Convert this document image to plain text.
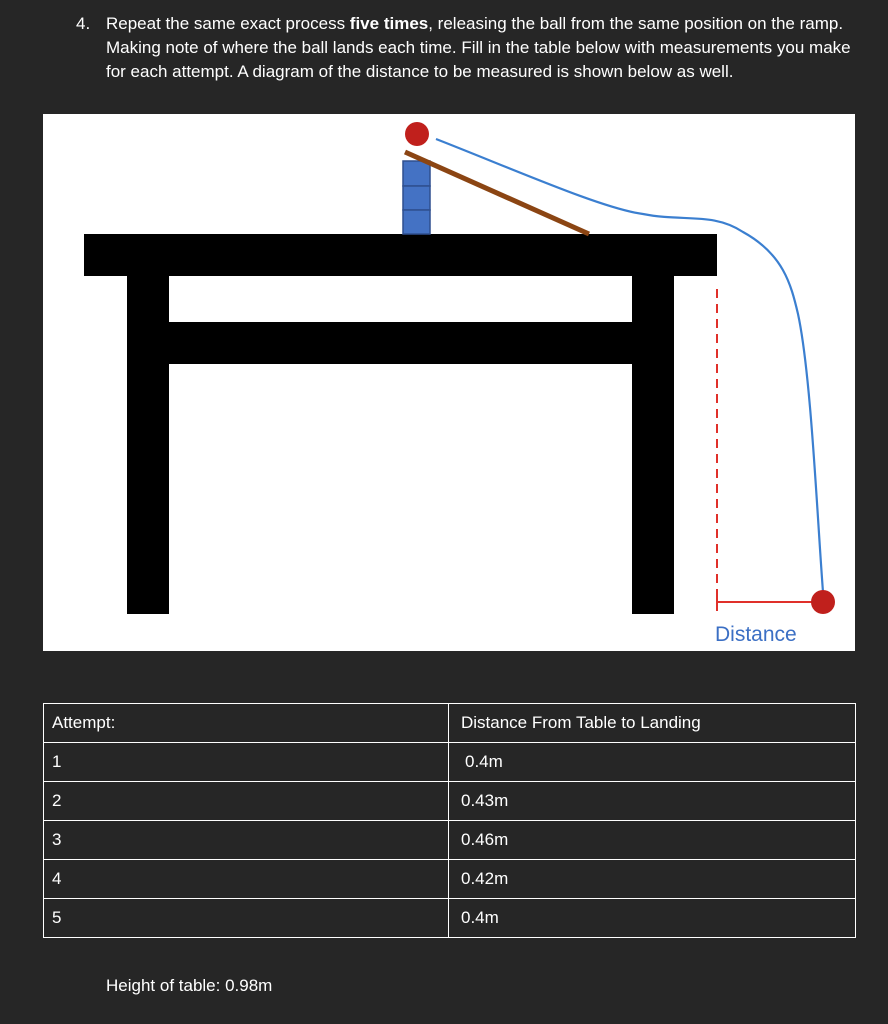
4. Repeat the same exact process five times, releasing the ball from the same position on the ramp. Making note of where the ball lands each time. Fill in the table below with measurements you make for each attempt. A diagram of the distance to be measured is shown below as well.
Distance
Attempt:	Distance From Table to Landing
1	0.4m
2	0.43m
3	0.46m
4	0.42m
5	0.4m
Height of table: 0.98m
